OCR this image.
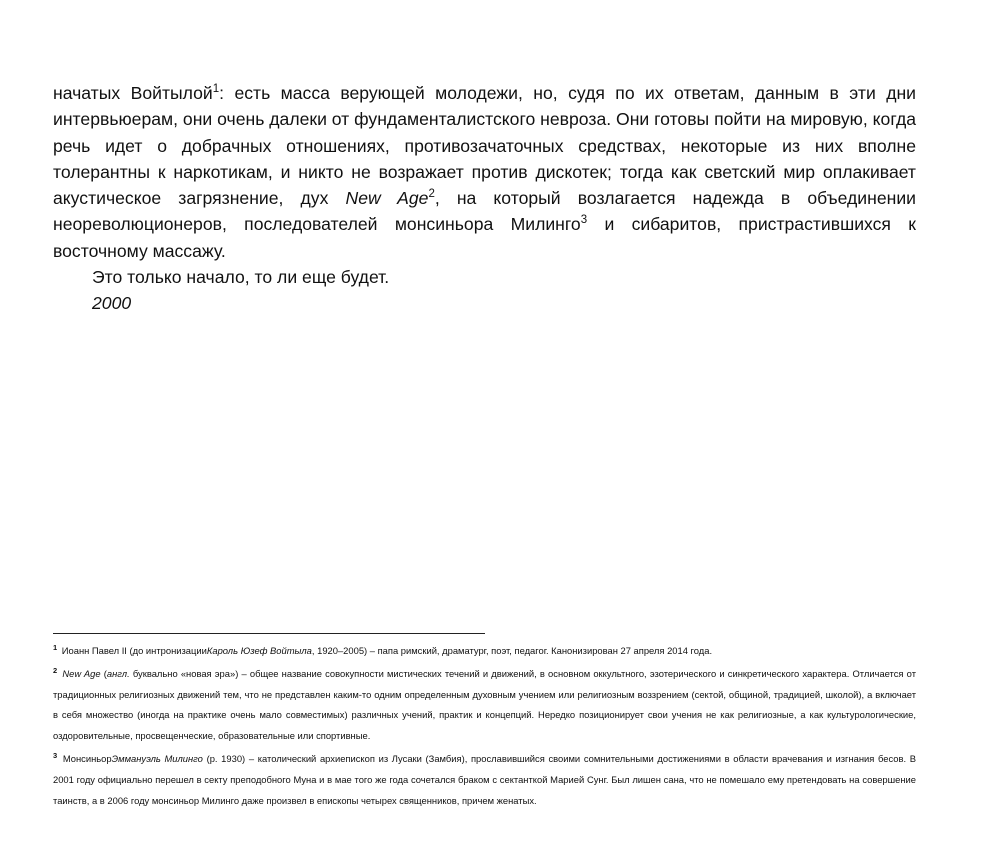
начатых Войтылой$^1$: есть масса верующей молодежи, но, судя по их ответам, данным в эти дни интервьюерам, они очень далеки от фундаменталистского невроза. Они готовы пойти на мировую, когда речь идет о добрачных отношениях, противозачаточных средствах, некоторые из них вполне толерантны к наркотикам, и никто не возражает против дискотек; тогда как светский мир оплакивает акустическое загрязнение, дух New Age$^2$, на который возлагается надежда в объединении неореволюционеров, последователей монсиньора Милинго$^3$ и сибаритов, пристрастившихся к восточному массажу.

Это только начало, то ли еще будет.

2000

$^1$ Иоанн Павел II (до интронизацииКароль Юзеф Войтыла, 1920–2005) – папа римский, драматург, поэт, педагог. Канонизирован 27 апреля 2014 года.

$^2$ New Age (англ. буквально «новая эра») – общее название совокупности мистических течений и движений, в основном оккультного, эзотерического и синкретического характера. Отличается от традиционных религиозных движений тем, что не представлен каким-то одним определенным духовным учением или религиозным воззрением (сектой, общиной, традицией, школой), а включает в себя множество (иногда на практике очень мало совместимых) различных учений, практик и концепций. Нередко позиционирует свои учения не как религиозные, а как культурологические, оздоровительные, просвещенческие, образовательные или спортивные.

$^3$ МонсиньорЭммануэль Милинго (р. 1930) – католический архиепископ из Лусаки (Замбия), прославившийся своими сомнительными достижениями в области врачевания и изгнания бесов. В 2001 году официально перешел в секту преподобного Муна и в мае того же года сочетался браком с сектанткой Марией Сунг. Был лишен сана, что не помешало ему претендовать на совершение таинств, а в 2006 году монсиньор Милинго даже произвел в епископы четырех священников, причем женатых.
